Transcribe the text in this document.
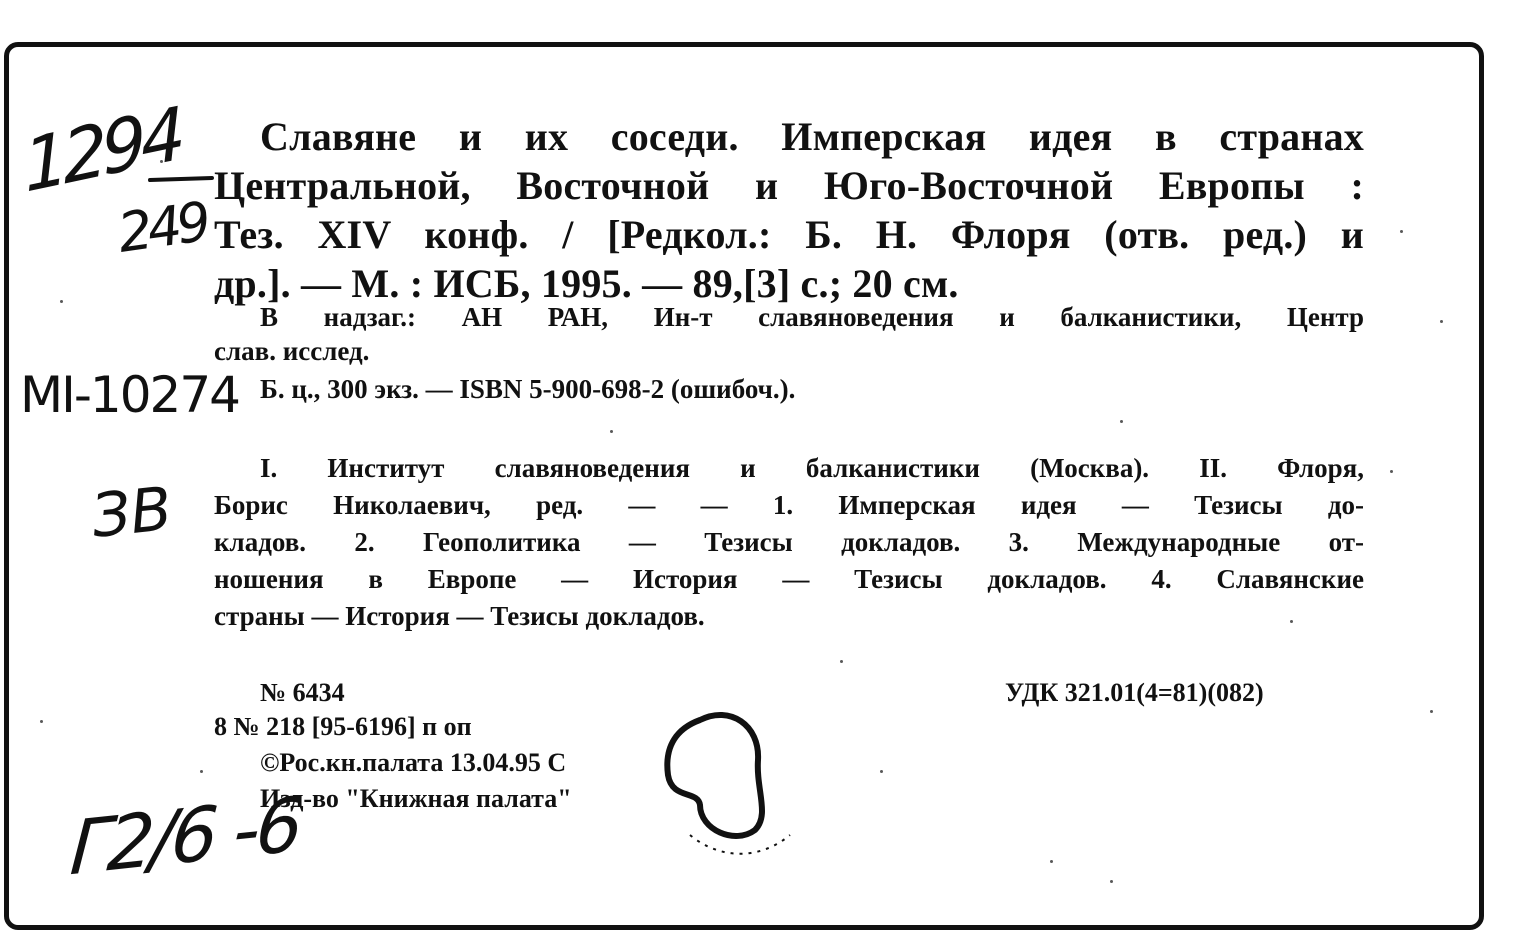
Славяне и их соседи. Имперская идея в странах
Центральной, Восточной и Юго-Восточной Европы :
Тез. XIV конф. / [Редкол.: Б. Н. Флоря (отв. ред.) и
др.]. — М. : ИСБ, 1995. — 89,[3] с.; 20 см.
В надзаг.: АН РАН, Ин-т славяноведения и балканистики, Центр
слав. исслед.
Б. ц., 300 экз. — ISBN 5-900-698-2 (ошибоч.).
I. Институт славяноведения и балканистики (Москва). II. Флоря,
Борис Николаевич, ред. — — 1. Имперская идея — Тезисы до-
кладов. 2. Геополитика — Тезисы докладов. 3. Международные от-
ношения в Европе — История — Тезисы докладов. 4. Славянские
страны — История — Тезисы докладов.
№ 6434	УДК 321.01(4=81)(082)
8 № 218 [95-6196] п оп
©Рос.кн.палата 13.04.95 С
Изд-во "Книжная палата"
1294
249
MI-10274
ЗВ
Г2/6 -6
